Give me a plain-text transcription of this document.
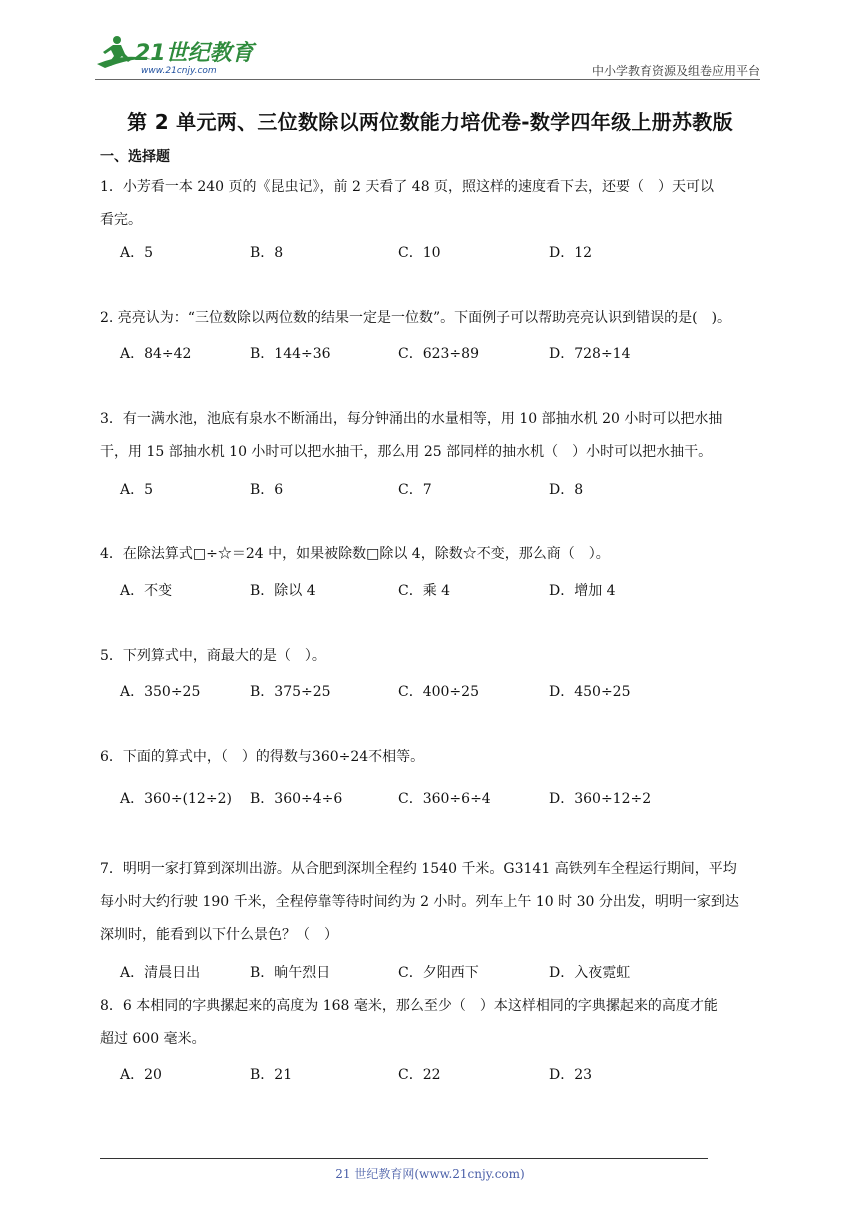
21世纪教育
www.21cnjy.com	中小学教育资源及组卷应用平台
第 2 单元两、三位数除以两位数能力培优卷-数学四年级上册苏教版
一、选择题
1．小芳看一本 240 页的《昆虫记》，前 2 天看了 48 页，照这样的速度看下去，还要（　）天可以
看完。
A．5	B．8	C．10	D．12
2. 亮亮认为：“三位数除以两位数的结果一定是一位数”。下面例子可以帮助亮亮认识到错误的是(　)。
A．84÷42	B．144÷36	C．623÷89	D．728÷14
3．有一满水池，池底有泉水不断涌出，每分钟涌出的水量相等，用 10 部抽水机 20 小时可以把水抽
干，用 15 部抽水机 10 小时可以把水抽干，那么用 25 部同样的抽水机（　）小时可以把水抽干。
A．5	B．6	C．7	D．8
4．在除法算式□÷☆＝24 中，如果被除数□除以 4，除数☆不变，那么商（　）。
A．不变	B．除以 4	C．乘 4	D．增加 4
5．下列算式中，商最大的是（　）。
A．350÷25	B．375÷25	C．400÷25	D．450÷25
6．下面的算式中，（　）的得数与360÷24不相等。
A．360÷(12÷2) B．360÷4÷6	C．360÷6÷4	D．360÷12÷2
7．明明一家打算到深圳出游。从合肥到深圳全程约 1540 千米。G3141 高铁列车全程运行期间，平均
每小时大约行驶 190 千米，全程停靠等待时间约为 2 小时。列车上午 10 时 30 分出发，明明一家到达
深圳时，能看到以下什么景色？（　）
A．清晨日出	B．晌午烈日	C．夕阳西下	D．入夜霓虹
8．6 本相同的字典摞起来的高度为 168 毫米，那么至少（　）本这样相同的字典摞起来的高度才能
超过 600 毫米。
A．20	B．21	C．22	D．23
21 世纪教育网(www.21cnjy.com)
